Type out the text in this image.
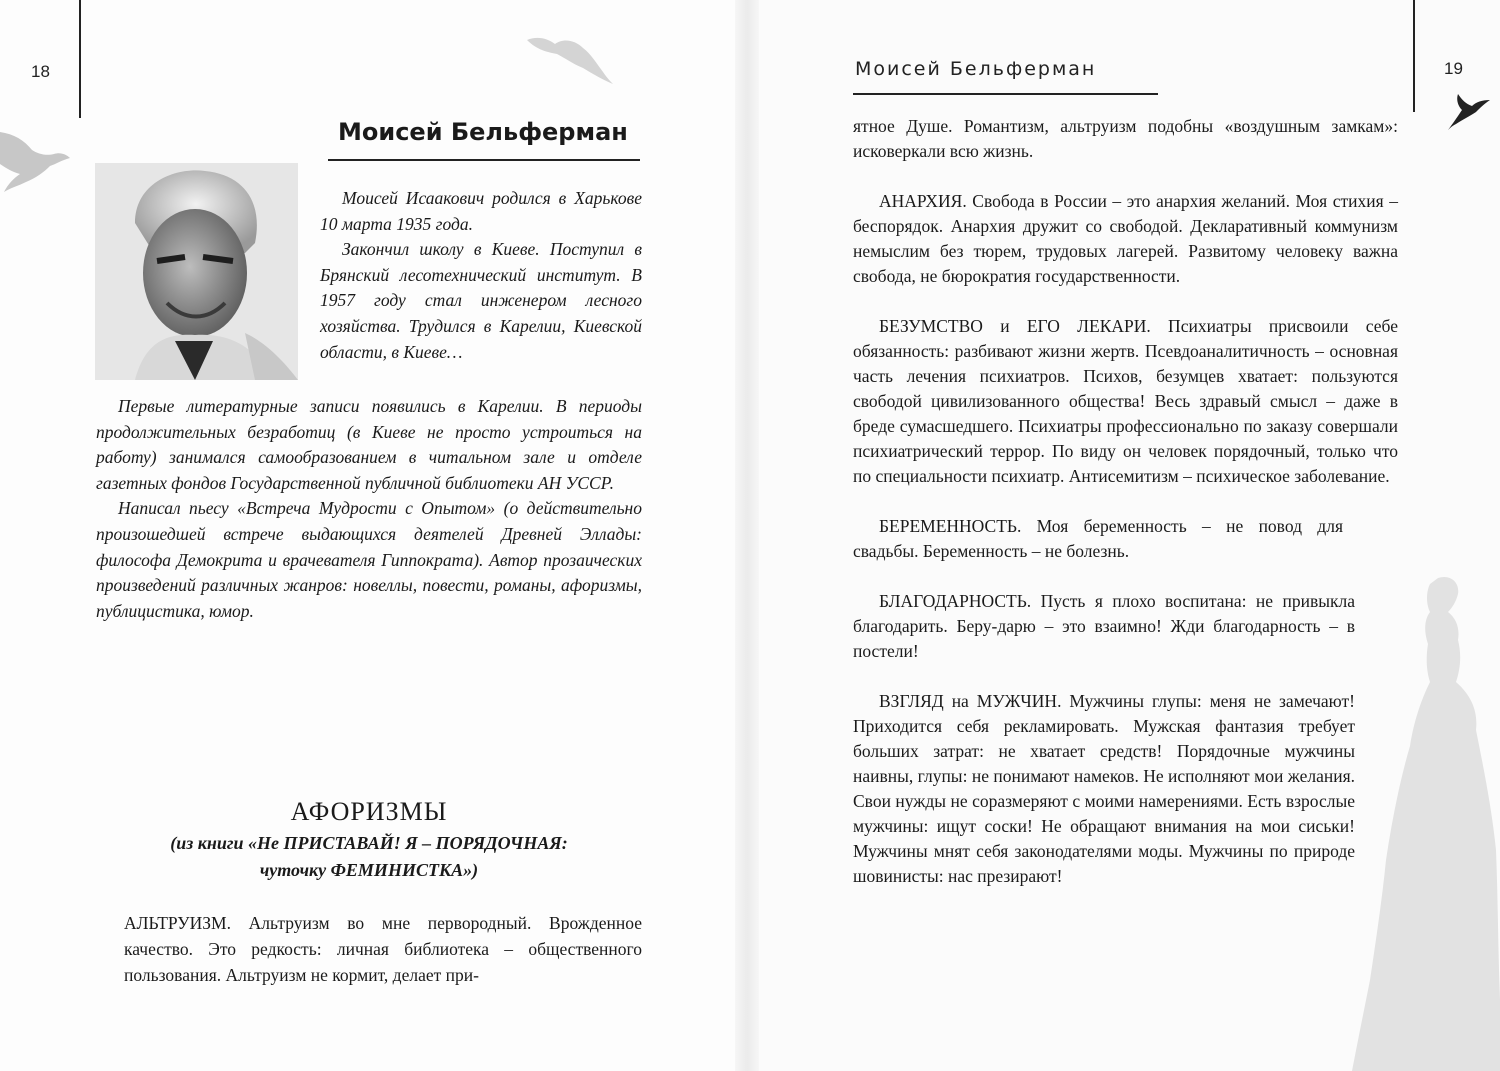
18	19
Моисей Бельферман
Моисей Бельферман

Моисей Исаакович родился в Харькове 10 марта 1935 года.

Закончил школу в Киеве. Поступил в Брянский лесотехнический институт. В 1957 году стал инженером лесного хозяйства. Трудился в Карелии, Киевской области, в Киеве…

Первые литературные записи появились в Карелии. В периоды продолжительных безработиц (в Киеве не просто устроиться на работу) занимался самообразованием в читальном зале и отделе газетных фондов Государственной публичной библиотеки АН УССР.

Написал пьесу «Встреча Мудрости с Опытом» (о действительно произошедшей встрече выдающихся деятелей Древней Эллады: философа Демокрита и врачевателя Гиппократа). Автор прозаических произведений различных жанров: новеллы, повести, романы, афоризмы, публицистика, юмор.

АФОРИЗМЫ
(из книги «Не ПРИСТАВАЙ! Я – ПОРЯДОЧНАЯ:
чуточку ФЕМИНИСТКА»)

АЛЬТРУИЗМ. Альтруизм во мне первородный. Врожденное качество. Это редкость: личная библиотека – общественного пользования. Альтруизм не кормит, делает при-

ятное Душе. Романтизм, альтруизм подобны «воздушным замкам»: исковеркали всю жизнь.

АНАРХИЯ. Свобода в России – это анархия желаний. Моя стихия – беспорядок. Анархия дружит со свободой. Декларативный коммунизм немыслим без тюрем, трудовых лагерей. Развитому человеку важна свобода, не бюрократия государственности.

БЕЗУМСТВО и ЕГО ЛЕКАРИ. Психиатры присвоили себе обязанность: разбивают жизни жертв. Псевдоаналитичность – основная часть лечения психиатров. Психов, безумцев хватает: пользуются свободой цивилизованного общества! Весь здравый смысл – даже в бреде сумасшедшего. Психиатры профессионально по заказу совершали психиатрический террор. По виду он человек порядочный, только что по специальности психиатр. Антисемитизм – психическое заболевание.

БЕРЕМЕННОСТЬ. Моя беременность – не повод для свадьбы. Беременность – не болезнь.

БЛАГОДАРНОСТЬ. Пусть я плохо воспитана: не привыкла благодарить. Беру-дарю – это взаимно! Жди благодарность – в постели!

ВЗГЛЯД на МУЖЧИН. Мужчины глупы: меня не замечают! Приходится себя рекламировать. Мужская фантазия требует больших затрат: не хватает средств! Порядочные мужчины наивны, глупы: не понимают намеков. Не исполняют мои желания. Свои нужды не соразмеряют с моими намерениями. Есть взрослые мужчины: ищут соски! Не обращают внимания на мои сиськи! Мужчины мнят себя законодателями моды. Мужчины по природе шовинисты: нас презирают!
